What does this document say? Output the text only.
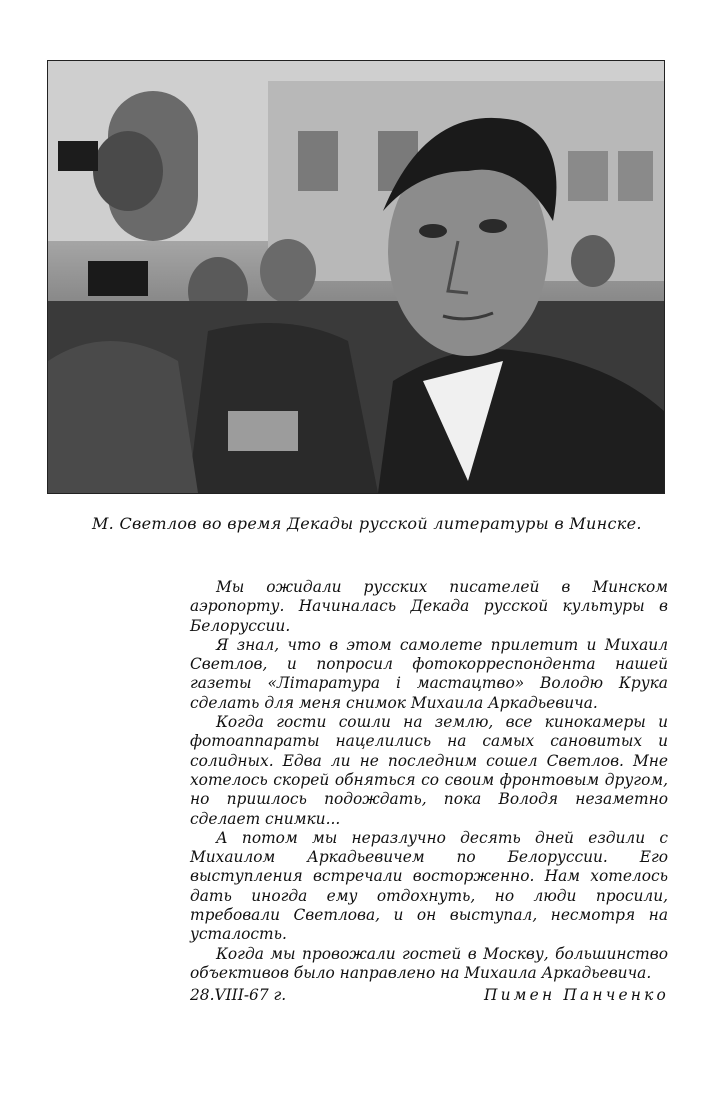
М. Светлов во время Декады русской литературы в Минске.

Мы ожидали русских писателей в Минском аэропорту. Начиналась Декада русской культуры в Белоруссии.

Я знал, что в этом самолете прилетит и Михаил Светлов, и попросил фотокорреспондента нашей газеты «Літаратура і мастацтво» Володю Крука сделать для меня снимок Михаила Аркадьевича.

Когда гости сошли на землю, все кинокамеры и фотоаппараты нацелились на самых сановитых и солидных. Едва ли не последним сошел Светлов. Мне хотелось скорей обняться со своим фронтовым другом, но пришлось подождать, пока Володя незаметно сделает снимки...

А потом мы неразлучно десять дней ездили с Михаилом Аркадьевичем по Белоруссии. Его выступления встречали восторженно. Нам хотелось дать иногда ему отдохнуть, но люди просили, требовали Светлова, и он выступал, несмотря на усталость.

Когда мы провожали гостей в Москву, большинство объективов было направлено на Михаила Аркадьевича.

28.VIII-67 г.	Пимен Панченко
